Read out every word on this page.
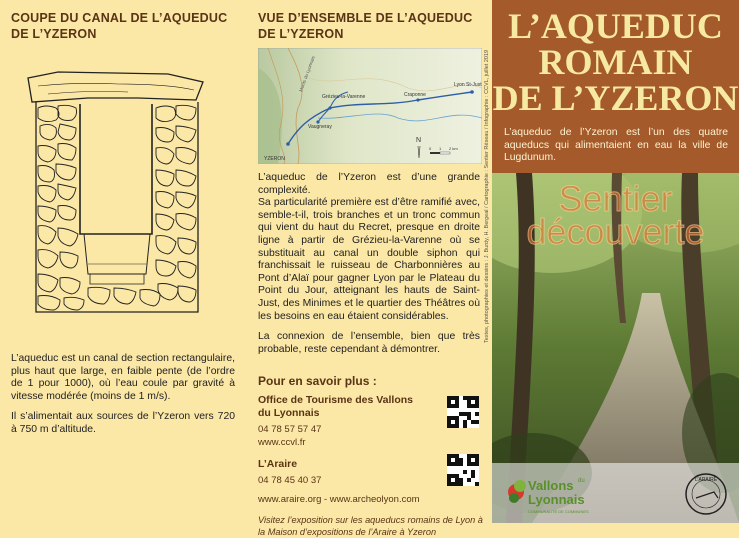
COUPE DU CANAL DE L’AQUEDUC
DE L’YZERON

L’aqueduc est un canal de section rectangulaire, plus haut que large, en faible pente (de l’ordre de 1 pour 1000), où l’eau coule par gravité à vitesse modérée (moins de 1 m/s).

Il s’alimentait aux sources de l’Yzeron vers 720 à 750 m d’altitude.

VUE D’ENSEMBLE DE L’AQUEDUC
DE L’YZERON
Grézieu-la-Varenne
Vaugneray
Craponne
Lyon St-Just
YZERON
Monts du Lyonnais
N
0 1 2 km	Textes, photographies et dessins : J. Burdy, H. Bergeal / Cartographie : Sentier Réseau / Infographie : CCVL, juillet 2019

L’aqueduc de l’Yzeron est d’une grande complexité.

Sa particularité première est d’être ramifié avec, semble-t-il, trois branches et un tronc commun qui vient du haut du Recret, presque en droite ligne à partir de Grézieu-la-Varenne où se substituait au canal un double siphon qui franchissait le ruisseau de Charbonnières au Pont d’Alaï pour gagner Lyon par le Plateau du Point du Jour, atteignant les hauts de Saint-Just, des Minimes et le quartier des Théâtres où les besoins en eau étaient considérables.

La connexion de l’ensemble, bien que très probable, reste cependant à démontrer.

Pour en savoir plus :

Office de Tourisme des Vallons

du Lyonnais

04 78 57 57 47

www.ccvl.fr

L’Araire

04 78 45 40 37

www.araire.org - www.archeolyon.com

Visitez l’exposition sur les aqueducs romains de Lyon à

la Maison d’expositions de l’Araire à Yzeron

L’AQUEDUC
ROMAIN
DE L’YZERON

L’aqueduc de l’Yzeron est l’un des quatre aqueducs qui alimentaient en eau la ville de Lugdunum.

Sentier
découverte
Vallons du
Lyonnais
COMMUNAUTÉ DE COMMUNES
L’ARAIRE
